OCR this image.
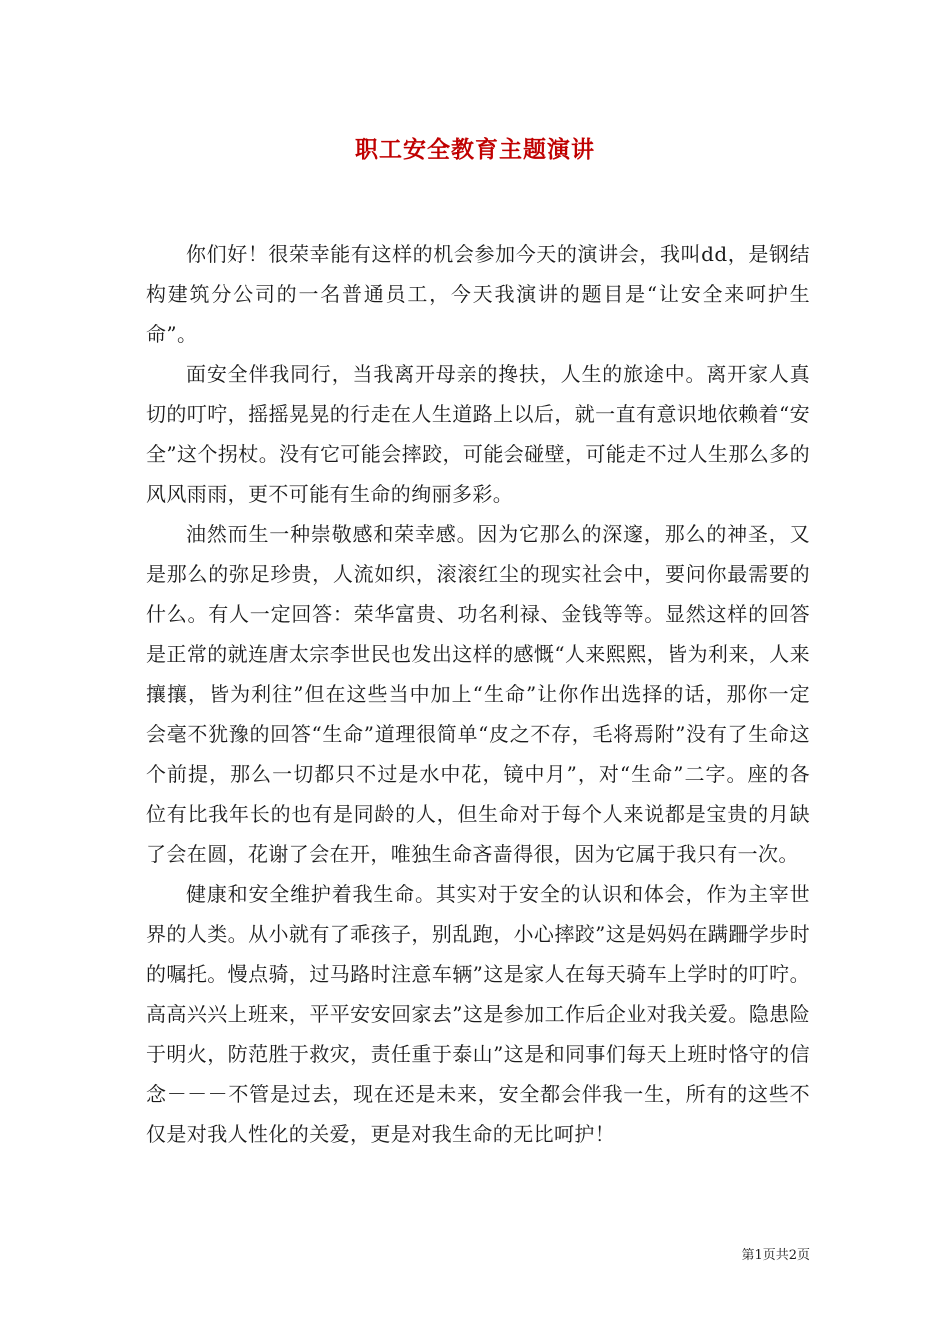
职工安全教育主题演讲

你们好！很荣幸能有这样的机会参加今天的演讲会，我叫dd，是钢结构建筑分公司的一名普通员工，今天我演讲的题目是“让安全来呵护生命”。

面安全伴我同行，当我离开母亲的搀扶，人生的旅途中。离开家人真切的叮咛，摇摇晃晃的行走在人生道路上以后，就一直有意识地依赖着“安全”这个拐杖。没有它可能会摔跤，可能会碰壁，可能走不过人生那么多的风风雨雨，更不可能有生命的绚丽多彩。

油然而生一种崇敬感和荣幸感。因为它那么的深邃，那么的神圣，又是那么的弥足珍贵，人流如织，滚滚红尘的现实社会中，要问你最需要的什么。有人一定回答：荣华富贵、功名利禄、金钱等等。显然这样的回答是正常的就连唐太宗李世民也发出这样的感慨“人来熙熙，皆为利来，人来攘攘，皆为利往”但在这些当中加上“生命”让你作出选择的话，那你一定会毫不犹豫的回答“生命”道理很简单“皮之不存，毛将焉附”没有了生命这个前提，那么一切都只不过是水中花，镜中月”，对“生命”二字。座的各位有比我年长的也有是同龄的人，但生命对于每个人来说都是宝贵的月缺了会在圆，花谢了会在开，唯独生命吝啬得很，因为它属于我只有一次。

健康和安全维护着我生命。其实对于安全的认识和体会，作为主宰世界的人类。从小就有了乖孩子，别乱跑，小心摔跤”这是妈妈在蹒跚学步时的嘱托。慢点骑，过马路时注意车辆”这是家人在每天骑车上学时的叮咛。高高兴兴上班来，平平安安回家去”这是参加工作后企业对我关爱。隐患险于明火，防范胜于救灾，责任重于泰山”这是和同事们每天上班时恪守的信念－－－不管是过去，现在还是未来，安全都会伴我一生，所有的这些不仅是对我人性化的关爱，更是对我生命的无比呵护！

第1页共2页
